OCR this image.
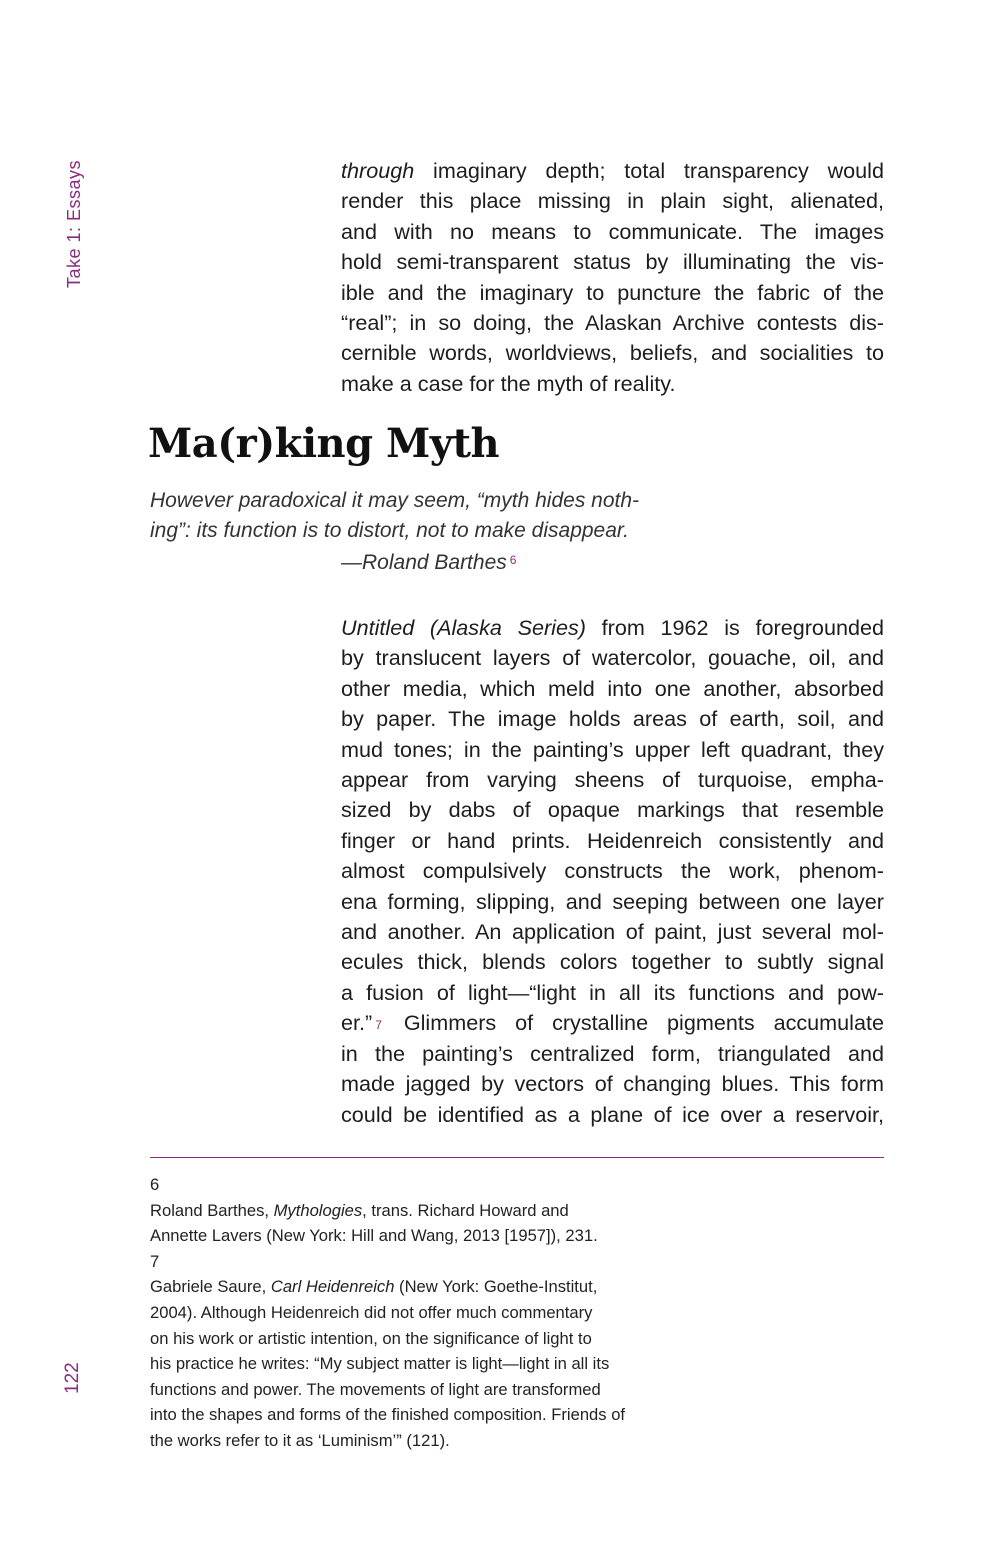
Take 1: Essays
122
through imaginary depth; total transparency would
render this place missing in plain sight, alienated,
and with no means to communicate. The images
hold semi-transparent status by illuminating the vis-
ible and the imaginary to puncture the fabric of the
“real”; in so doing, the Alaskan Archive contests dis-
cernible words, worldviews, beliefs, and socialities to
make a case for the myth of reality.
Ma(r)king Myth

However paradoxical it may seem, “myth hides noth-
ing”: its function is to distort, not to make disappear.

—Roland Barthes $^6$
Untitled (Alaska Series) from 1962 is foregrounded
by translucent layers of watercolor, gouache, oil, and
other media, which meld into one another, absorbed
by paper. The image holds areas of earth, soil, and
mud tones; in the painting’s upper left quadrant, they
appear from varying sheens of turquoise, empha-
sized by dabs of opaque markings that resemble
finger or hand prints. Heidenreich consistently and
almost compulsively constructs the work, phenom-
ena forming, slipping, and seeping between one layer
and another. An application of paint, just several mol-
ecules thick, blends colors together to subtly signal
a fusion of light—“light in all its functions and pow-
er.” $^7$ Glimmers of crystalline pigments accumulate
in the painting’s centralized form, triangulated and
made jagged by vectors of changing blues. This form
could be identified as a plane of ice over a reservoir,
6
Roland Barthes, Mythologies, trans. Richard Howard and
Annette Lavers (New York: Hill and Wang, 2013 [1957]), 231.
7
Gabriele Saure, Carl Heidenreich (New York: Goethe-Institut,
2004). Although Heidenreich did not offer much commentary
on his work or artistic intention, on the significance of light to
his practice he writes: “My subject matter is light—light in all its
functions and power. The movements of light are transformed
into the shapes and forms of the finished composition. Friends of
the works refer to it as ‘Luminism’” (121).
